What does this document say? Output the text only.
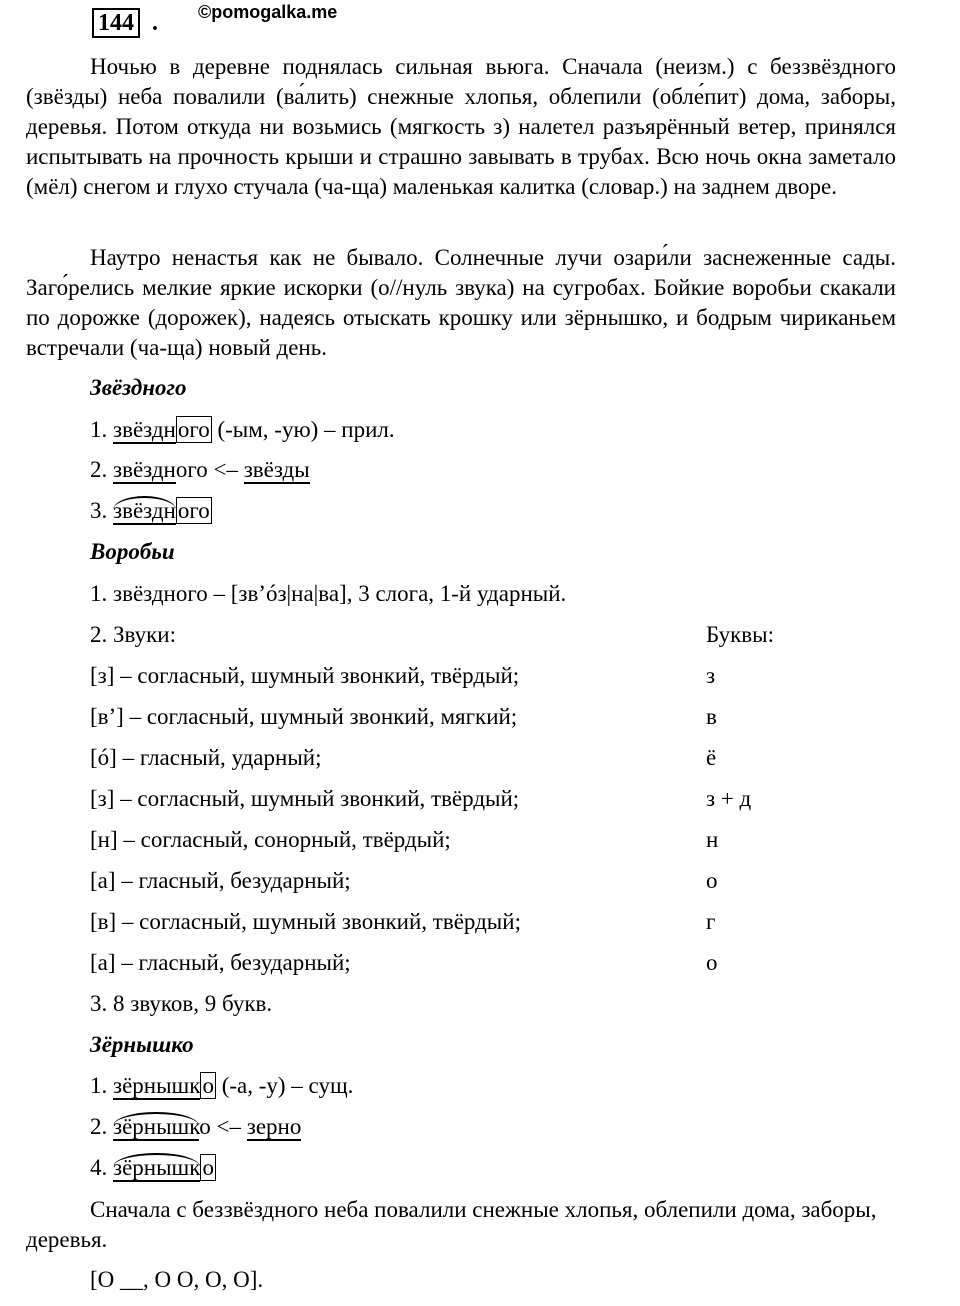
144 . ©pomogalka.me

Ночью в деревне поднялась сильная вьюга. Сначала (неизм.) с беззвёздного (звёзды) неба повалили (ва́лить) снежные хлопья, облепили (обле́пит) дома, заборы, деревья. Потом откуда ни возьмись (мягкость з) налетел разъярённый ветер, принялся испытывать на прочность крыши и страшно завывать в трубах. Всю ночь окна заметало (мёл) снегом и глухо стучала (ча-ща) маленькая калитка (словар.) на заднем дворе.

Наутро ненастья как не бывало. Солнечные лучи озари́ли заснеженные сады. Заго́релись мелкие яркие искорки (о//нуль звука) на сугробах. Бойкие воробьи скакали по дорожке (дорожек), надеясь отыскать крошку или зёрнышко, и бодрым чириканьем встречали (ча-ща) новый день.

Звёздного
1. звёздного (-ым, -ую) – прил.
2. звёздного <– звёзды
3. звёздного
Воробьи
1. звёздного – [зв’óз|на|ва], 3 слога, 1-й ударный.
2. Звуки:	Буквы:
[з] – согласный, шумный звонкий, твёрдый;	з
[в’] – согласный, шумный звонкий, мягкий;	в
[ó] – гласный, ударный;	ё
[з] – согласный, шумный звонкий, твёрдый;	з + д
[н] – согласный, сонорный, твёрдый;	н
[а] – гласный, безударный;	о
[в] – согласный, шумный звонкий, твёрдый;	г
[а] – гласный, безударный;	о
3. 8 звуков, 9 букв.
Зёрнышко
1. зёрнышко (-а, -у) – сущ.
2. зёрнышко <– зерно
4. зёрнышко
Сначала с беззвёздного неба повалили снежные хлопья, облепили дома, заборы, деревья.
[О __, О О, О, О].
